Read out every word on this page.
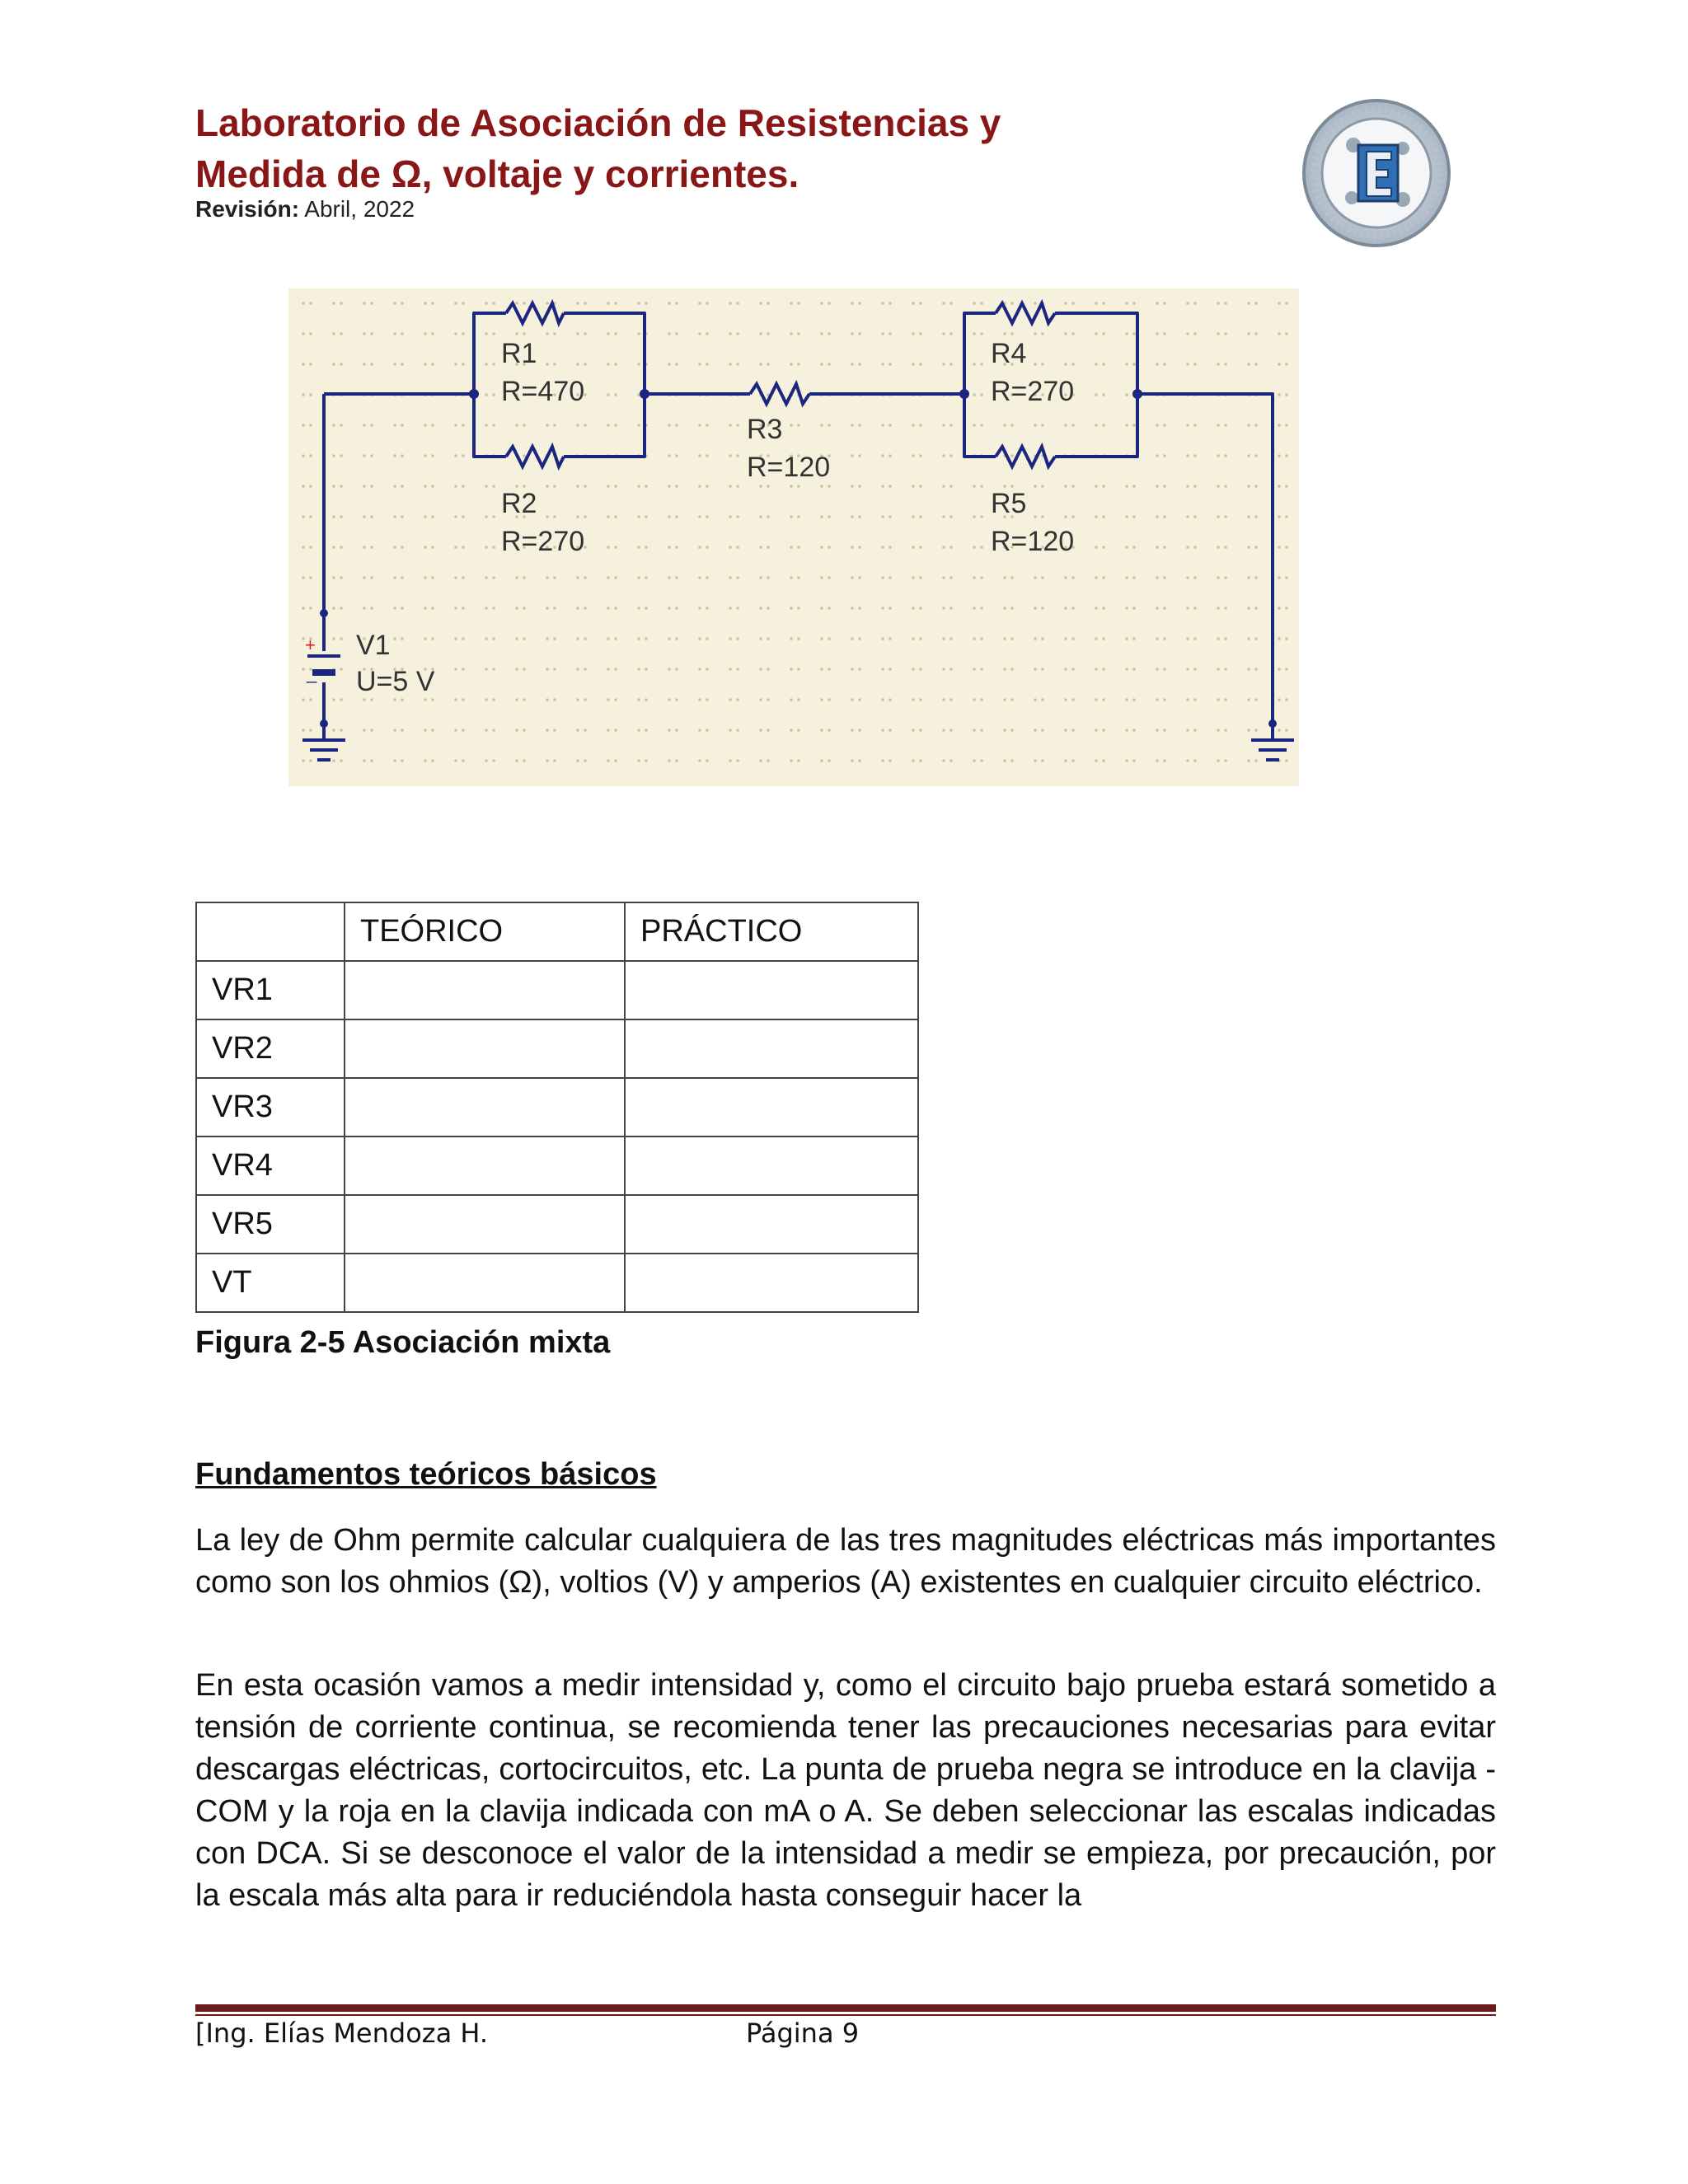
Laboratorio de Asociación de Resistencias y
Medida de Ω, voltaje y corrientes.
Revisión: Abril, 2022
+
_
R1
R=470
R2
R=270
R3
R=120
R4
R=270
R5
R=120
V1
U=5 V
	TEÓRICO	PRÁCTICO
VR1		
VR2		
VR3		
VR4		
VR5		
VT		
Figura 2-5 Asociación mixta
Fundamentos teóricos básicos
La ley de Ohm permite calcular cualquiera de las tres magnitudes eléctricas más importantes como son los ohmios (Ω), voltios (V) y amperios (A) existentes en cualquier circuito eléctrico.
En esta ocasión vamos a medir intensidad y, como el circuito bajo prueba estará sometido a tensión de corriente continua, se recomienda tener las precauciones necesarias para evitar descargas eléctricas, cortocircuitos, etc. La punta de prueba negra se introduce en la clavija -COM y la roja en la clavija indicada con mA o A. Se deben seleccionar las escalas indicadas con DCA. Si se desconoce el valor de la intensidad a medir se empieza, por precaución, por la escala más alta para ir reduciéndola hasta conseguir hacer la
[Ing. Elías Mendoza H.	Página 9
